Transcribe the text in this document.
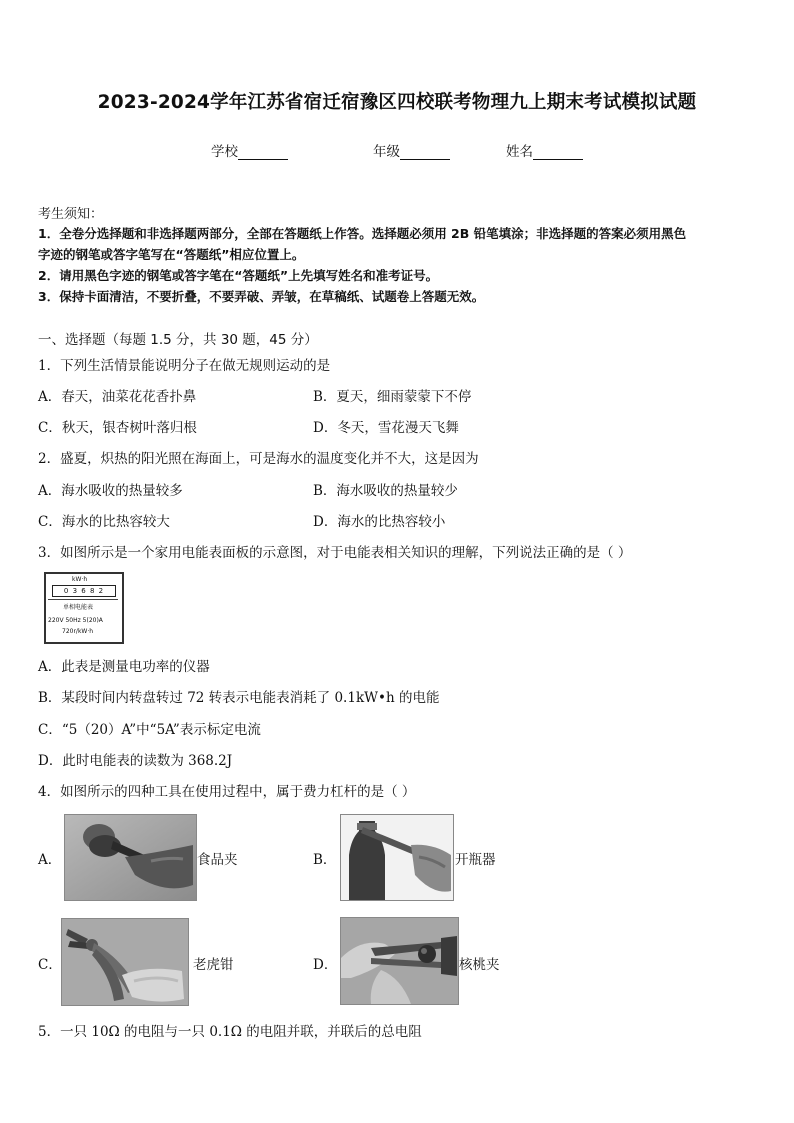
2023-2024学年江苏省宿迁宿豫区四校联考物理九上期末考试模拟试题
学校	年级	姓名
考生须知：
1．全卷分选择题和非选择题两部分，全部在答题纸上作答。选择题必须用 2B 铅笔填涂；非选择题的答案必须用黑色
字迹的钢笔或答字笔写在“答题纸”相应位置上。
2．请用黑色字迹的钢笔或答字笔在“答题纸”上先填写姓名和准考证号。
3．保持卡面清洁，不要折叠，不要弄破、弄皱，在草稿纸、试题卷上答题无效。
一、选择题（每题 1.5 分，共 30 题，45 分）
1．下列生活情景能说明分子在做无规则运动的是
A．春天，油菜花花香扑鼻	B．夏天，细雨蒙蒙下不停
C．秋天，银杏树叶落归根	D．冬天，雪花漫天飞舞
2．盛夏，炽热的阳光照在海面上，可是海水的温度变化并不大，这是因为
A．海水吸收的热量较多	B．海水吸收的热量较少
C．海水的比热容较大	D．海水的比热容较小
3．如图所示是一个家用电能表面板的示意图，对于电能表相关知识的理解，下列说法正确的是（ ）
kW·h
0 3 6 8 2
单相电能表
220V 50Hz 5(20)A
720r/kW·h
A．此表是测量电功率的仪器
B．某段时间内转盘转过 72 转表示电能表消耗了 0.1kW•h 的电能
C．“5（20）A”中“5A”表示标定电流
D．此时电能表的读数为 368.2J
4．如图所示的四种工具在使用过程中，属于费力杠杆的是（ ）
A．	食品夹	B．	开瓶器
C．	老虎钳	D．	核桃夹
5．一只 10Ω 的电阻与一只 0.1Ω 的电阻并联，并联后的总电阻
